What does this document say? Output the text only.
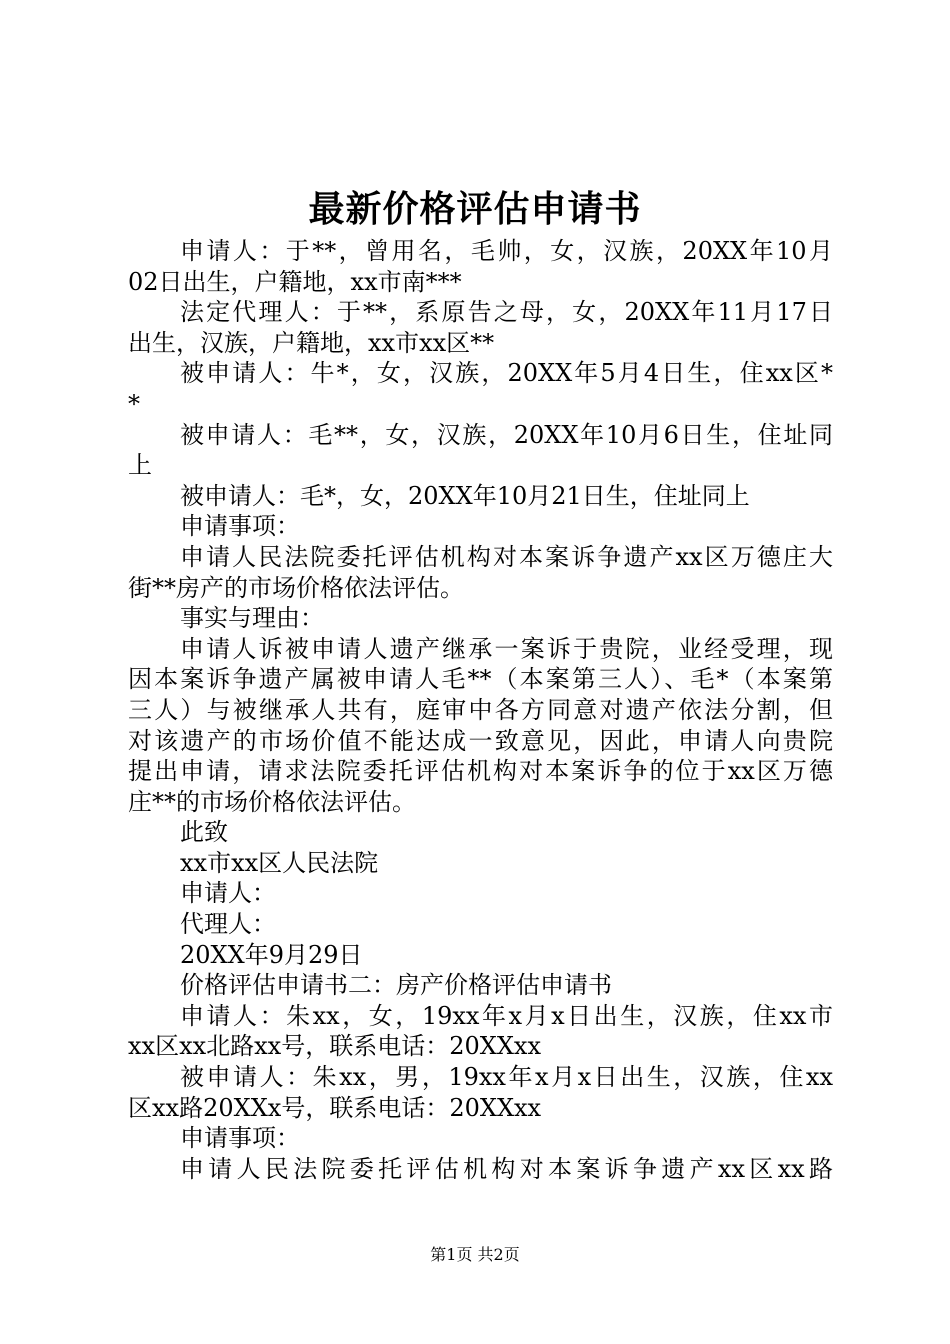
最新价格评估申请书
申请人：于**，曾用名，毛帅，女，汉族，20XX年10月
02日出生，户籍地，xx市南***
法定代理人：于**，系原告之母，女，20XX年11月17日
出生，汉族，户籍地，xx市xx区**
被申请人：牛*，女，汉族，20XX年5月4日生，住xx区*
*
被申请人：毛**，女，汉族，20XX年10月6日生，住址同
上
被申请人：毛*，女，20XX年10月21日生，住址同上
申请事项：
申请人民法院委托评估机构对本案诉争遗产xx区万德庄大
街**房产的市场价格依法评估。
事实与理由：
申请人诉被申请人遗产继承一案诉于贵院，业经受理，现
因本案诉争遗产属被申请人毛**（本案第三人）、毛*（本案第
三人）与被继承人共有，庭审中各方同意对遗产依法分割，但
对该遗产的市场价值不能达成一致意见，因此，申请人向贵院
提出申请，请求法院委托评估机构对本案诉争的位于xx区万德
庄**的市场价格依法评估。
此致
xx市xx区人民法院
申请人：
代理人：
20XX年9月29日
价格评估申请书二：房产价格评估申请书
申请人：朱xx，女，19xx年x月x日出生，汉族，住xx市
xx区xx北路xx号，联系电话：20XXxx
被申请人：朱xx，男，19xx年x月x日出生，汉族，住xx
区xx路20XXx号，联系电话：20XXxx
申请事项：
申请人民法院委托评估机构对本案诉争遗产xx区xx路
第1页 共2页
